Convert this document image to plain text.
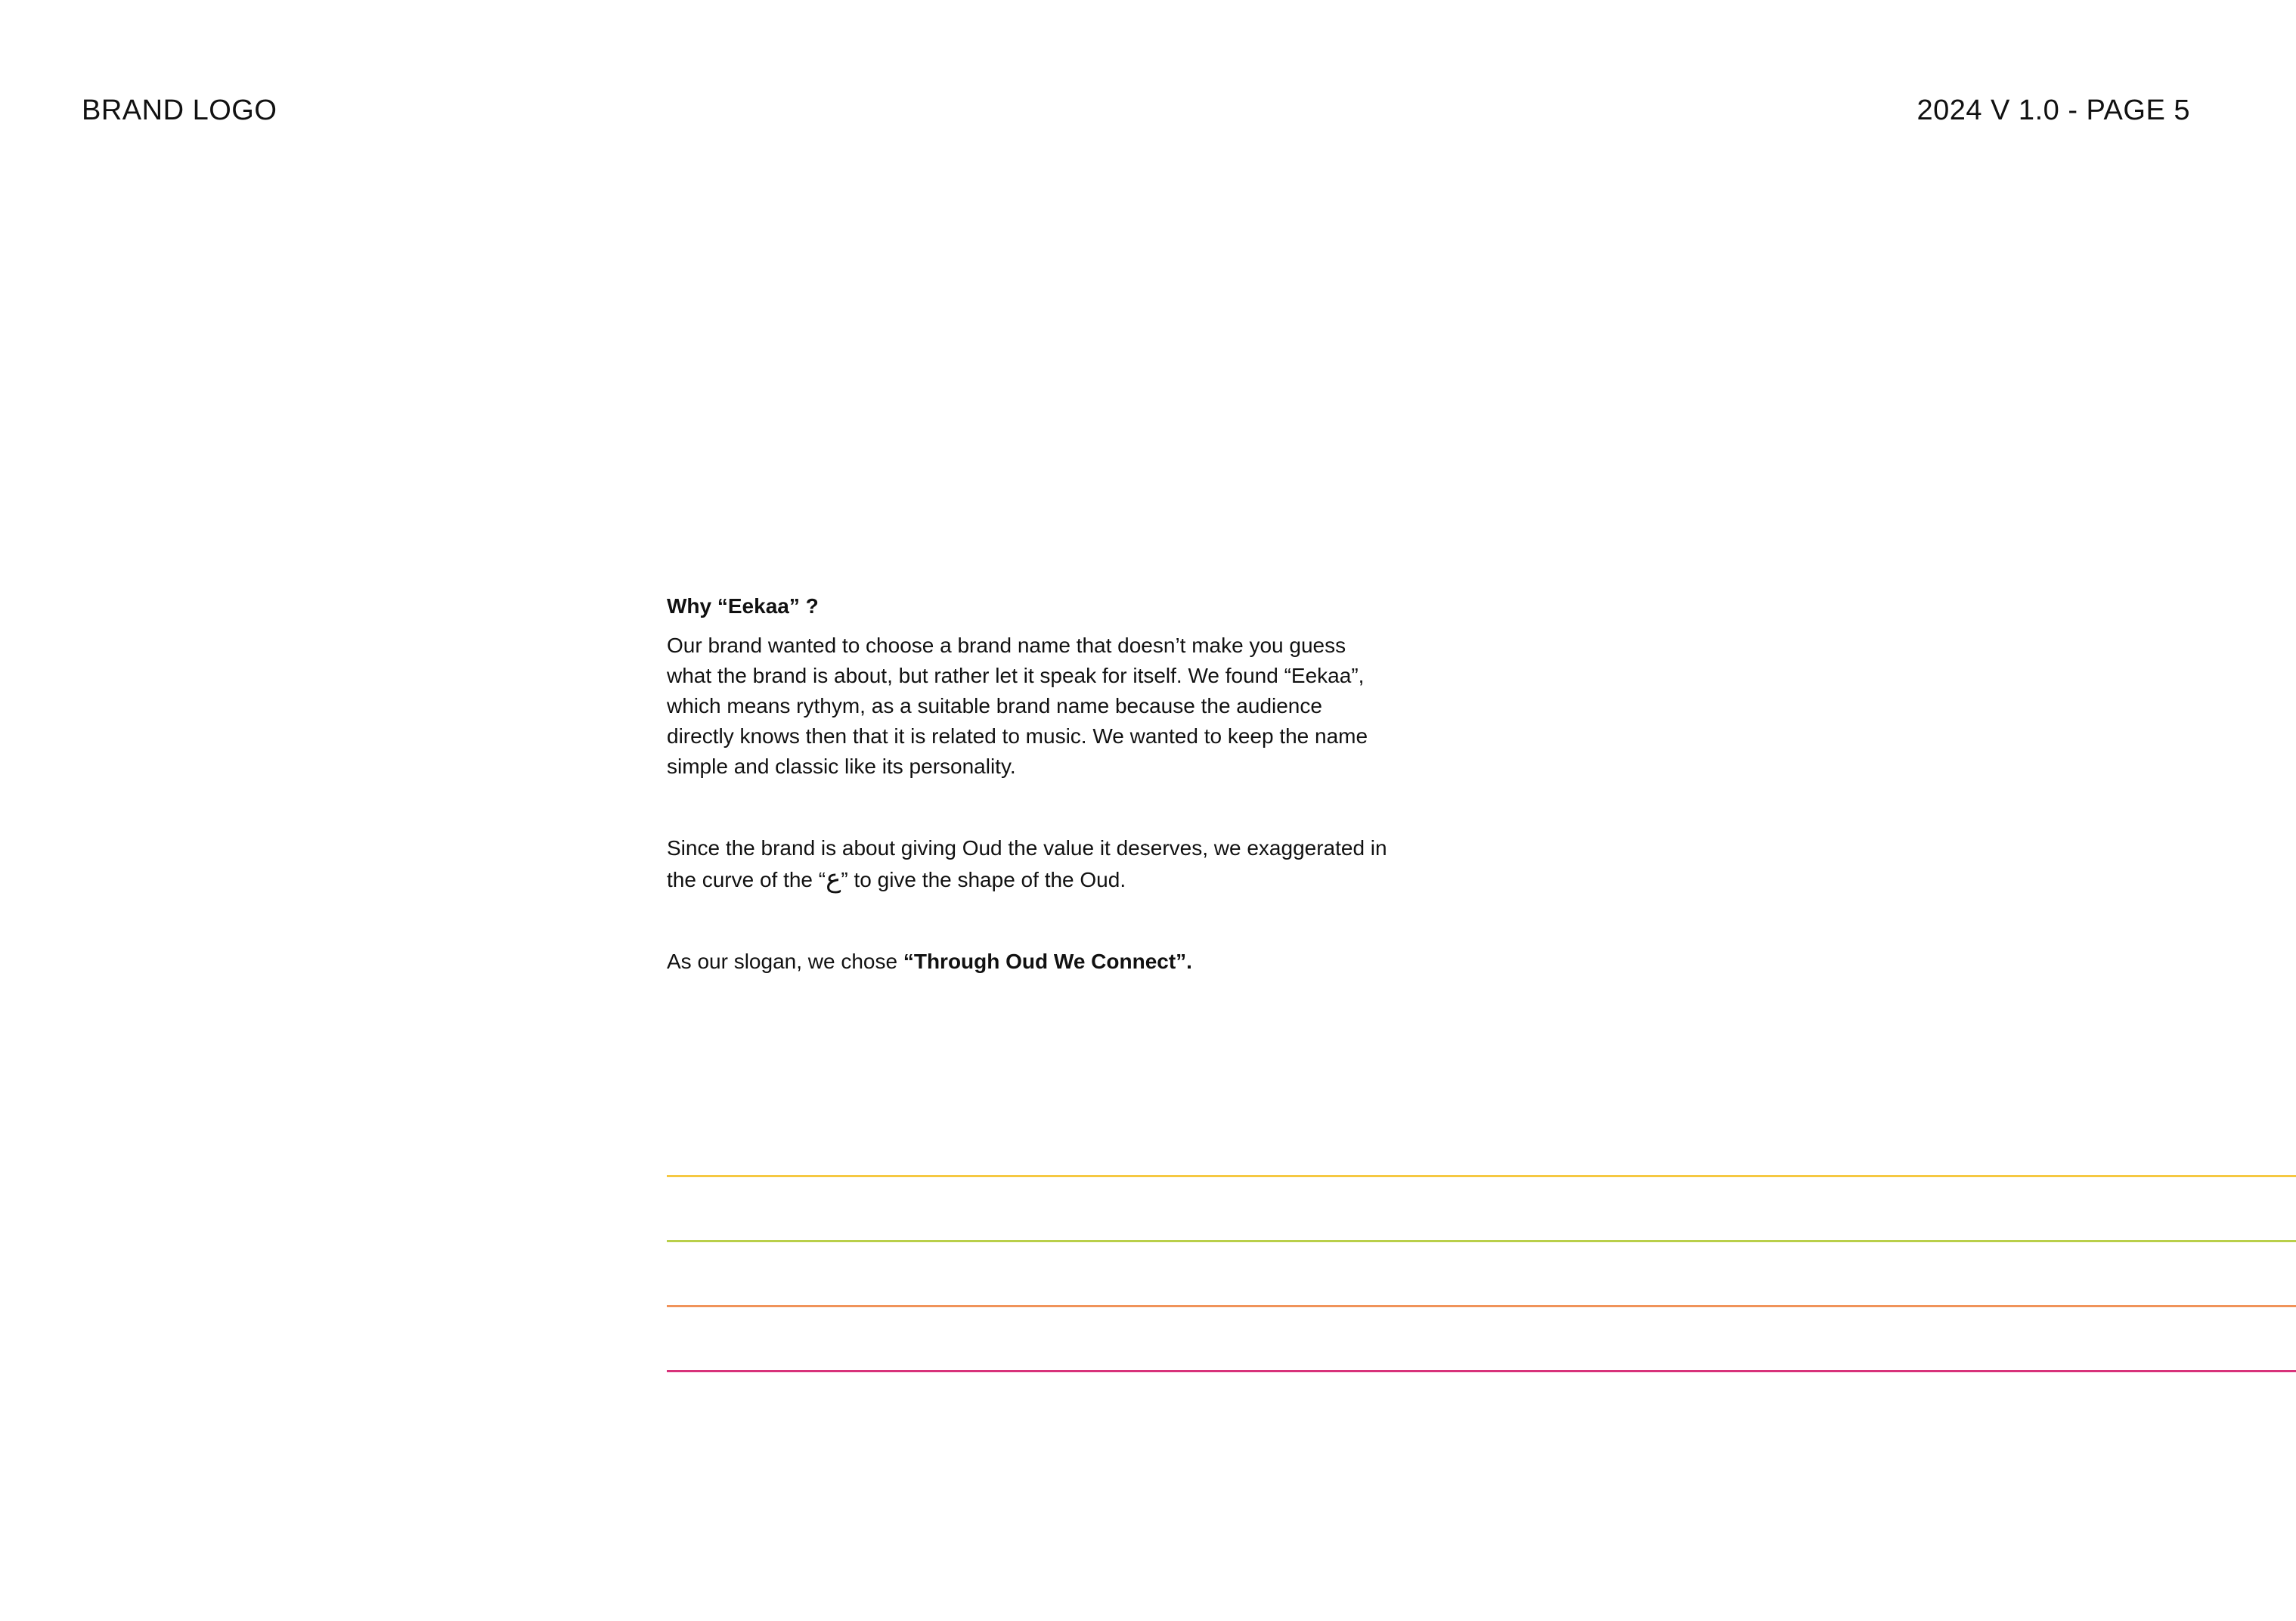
BRAND LOGO	2024 V 1.0 - PAGE 5

Why “Eekaa” ?

Our brand wanted to choose a brand name that doesn’t make you guess what the brand is about, but rather let it speak for itself. We found “Eekaa”, which means rythym, as a suitable brand name because the audience directly knows then that it is related to music. We wanted to keep the name simple and classic like its personality.

Since the brand is about giving Oud the value it deserves, we exaggerated in the curve of the “ع” to give the shape of the Oud.

As our slogan, we chose “Through Oud We Connect”.
